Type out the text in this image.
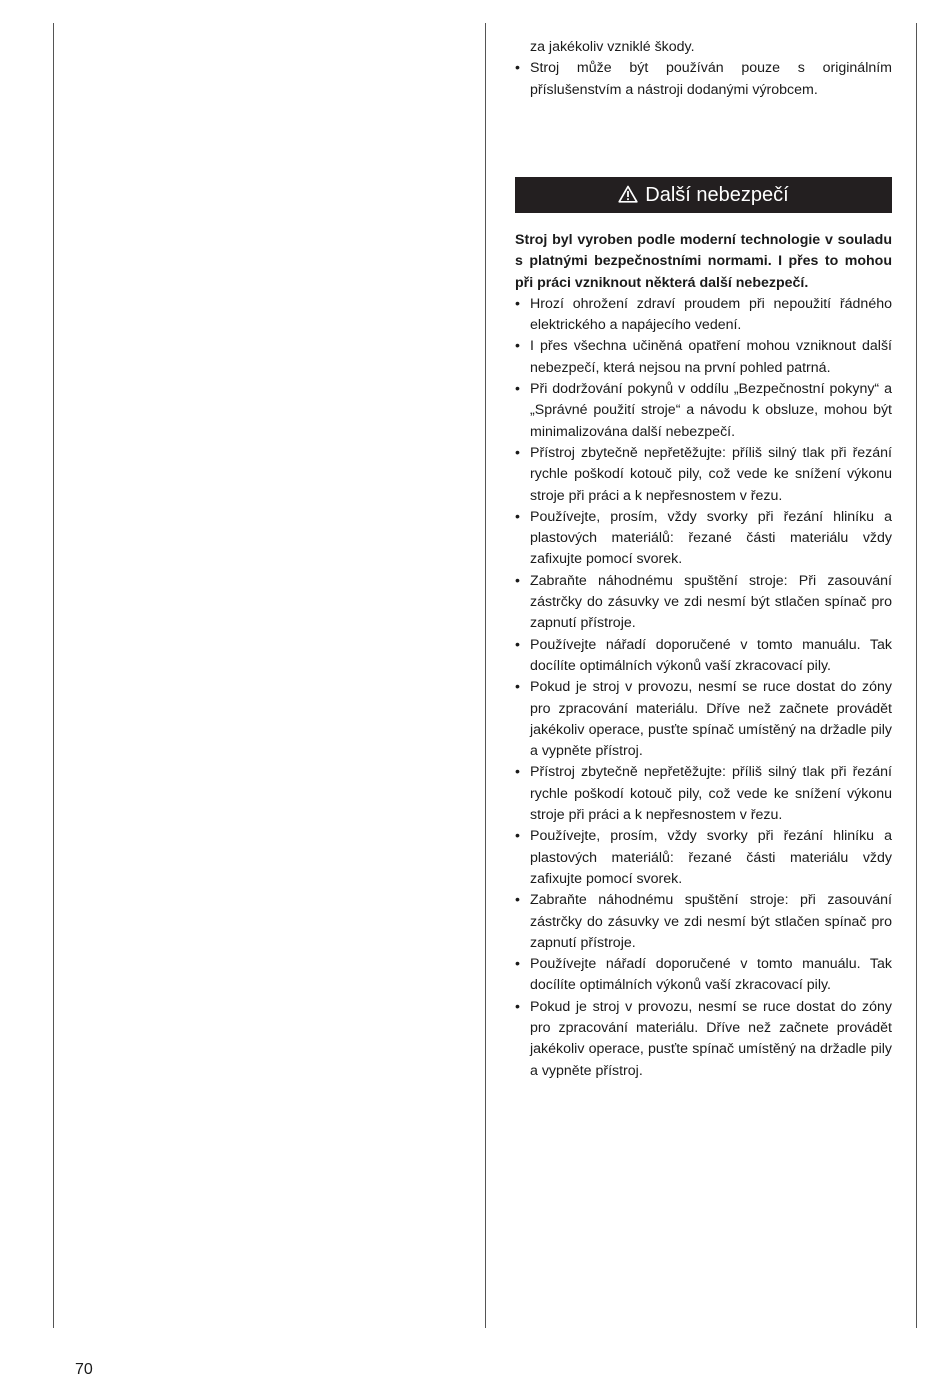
za jakékoliv vzniklé škody.
• Stroj může být používán pouze s originálním příslušenstvím a nástroji dodanými výrobcem.
Další nebezpečí

Stroj byl vyroben podle moderní technologie v souladu s platnými bezpečnostními normami. I přes to mohou při práci vzniknout některá další nebezpečí.

• Hrozí ohrožení zdraví proudem při nepoužití řádného elektrického a napájecího vedení.
• I přes všechna učiněná opatření mohou vzniknout další nebezpečí, která nejsou na první pohled patrná.
• Při dodržování pokynů v oddílu „Bezpečnostní pokyny“ a „Správné použití stroje“ a návodu k obsluze, mohou být minimalizována další nebezpečí.
• Přístroj zbytečně nepřetěžujte: příliš silný tlak při řezání rychle poškodí kotouč pily, což vede ke snížení výkonu stroje při práci a k nepřesnostem v řezu.
• Používejte, prosím, vždy svorky při řezání hliníku a plastových materiálů: řezané části materiálu vždy zafixujte pomocí svorek.
• Zabraňte náhodnému spuštění stroje: Při zasouvání zástrčky do zásuvky ve zdi nesmí být stlačen spínač pro zapnutí přístroje.
• Používejte nářadí doporučené v tomto manuálu. Tak docílíte optimálních výkonů vaší zkracovací pily.
• Pokud je stroj v provozu, nesmí se ruce dostat do zóny pro zpracování materiálu. Dříve než začnete provádět jakékoliv operace, pusťte spínač umístěný na držadle pily a vypněte přístroj.
• Přístroj zbytečně nepřetěžujte: příliš silný tlak při řezání rychle poškodí kotouč pily, což vede ke snížení výkonu stroje při práci a k nepřesnostem v řezu.
• Používejte, prosím, vždy svorky při řezání hliníku a plastových materiálů: řezané části materiálu vždy zafixujte pomocí svorek.
• Zabraňte náhodnému spuštění stroje: při zasouvání zástrčky do zásuvky ve zdi nesmí být stlačen spínač pro zapnutí přístroje.
• Používejte nářadí doporučené v tomto manuálu. Tak docílíte optimálních výkonů vaší zkracovací pily.
• Pokud je stroj v provozu, nesmí se ruce dostat do zóny pro zpracování materiálu. Dříve než začnete provádět jakékoliv operace, pusťte spínač umístěný na držadle pily a vypněte přístroj.
70
